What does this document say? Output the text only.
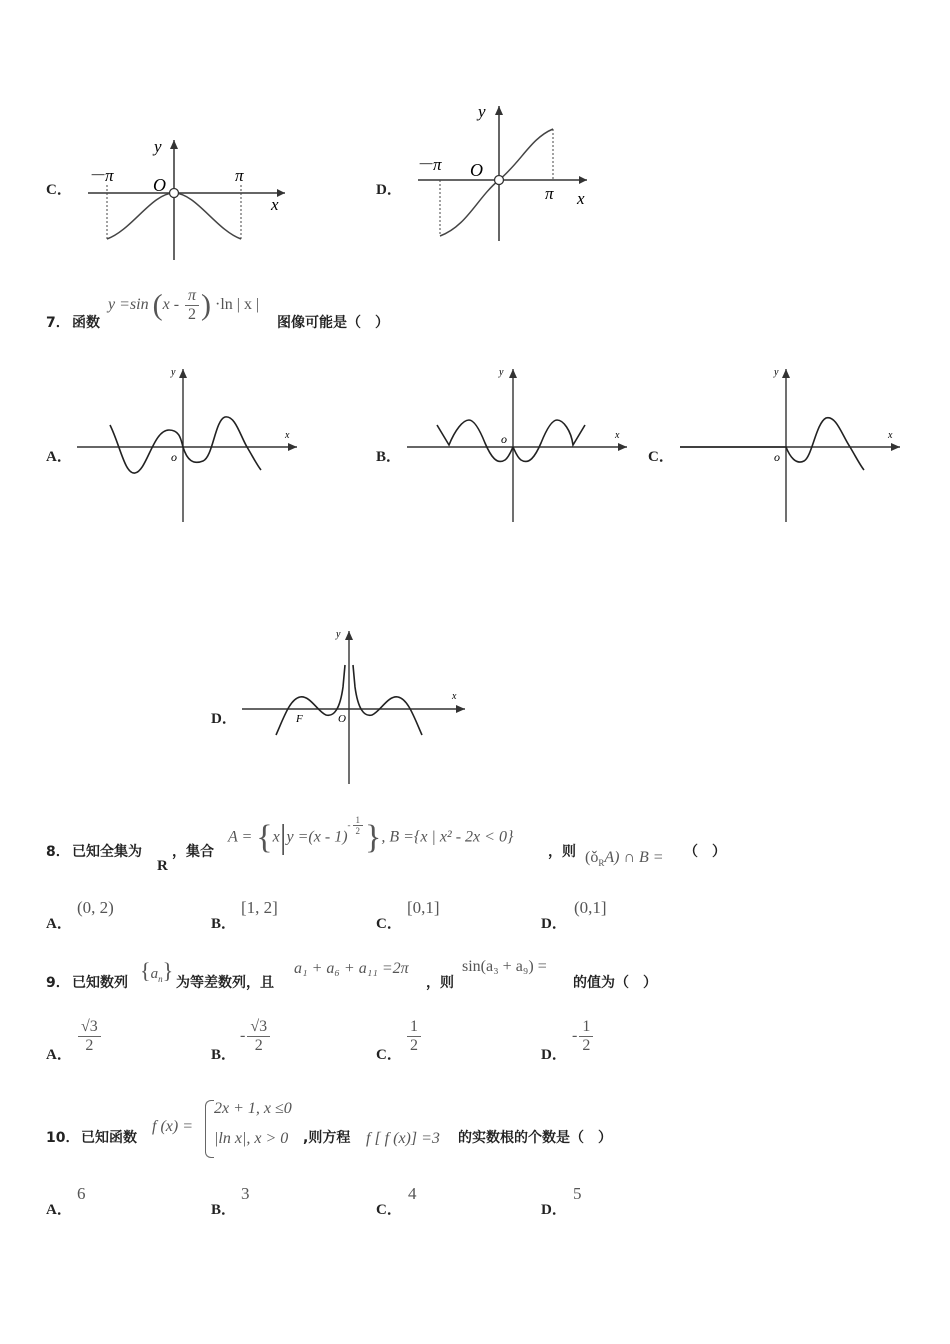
C．
－π O	π
x
y
D．
－π O
π x
y
7． 函数
y =sin ($x - \frac{\pi}{2}$ ) ·ln | x |
图像可能是（　）
A．
x
y
o	B．
x
y
o
C．
x
y
o
D．
x
y
O
F
8． 已知全集为
R
，集合
A = {x|y =(x - 1)$^{- \frac{1}{2}}$ }, B ={x | x² - 2x < 0}
，则 $(ǒ_RA)$ ∩ B = （　）
A．
(0, 2)
B．
[1, 2]
C．
[0,1]
D．
(0,1]
9． 已知数列 $\{a_n\}$ 为等差数列，且
a₁ + a₆ + a₁₁ =2π
，则
sin(a₃ + a₉) =
的值为（　）
A． $\frac{√3}{2}$	B．
- $\frac{√3}{2}$	C． $\frac{1}{2}$	D．
- $\frac{1}{2}$
10． 已知函数
f (x) =
2x + 1, x ≤0
|ln x|, x > 0 ,则方程 f [ f (x)] =3 的实数根的个数是（　）
A．
6
B．
3
C．
4
D．
5
